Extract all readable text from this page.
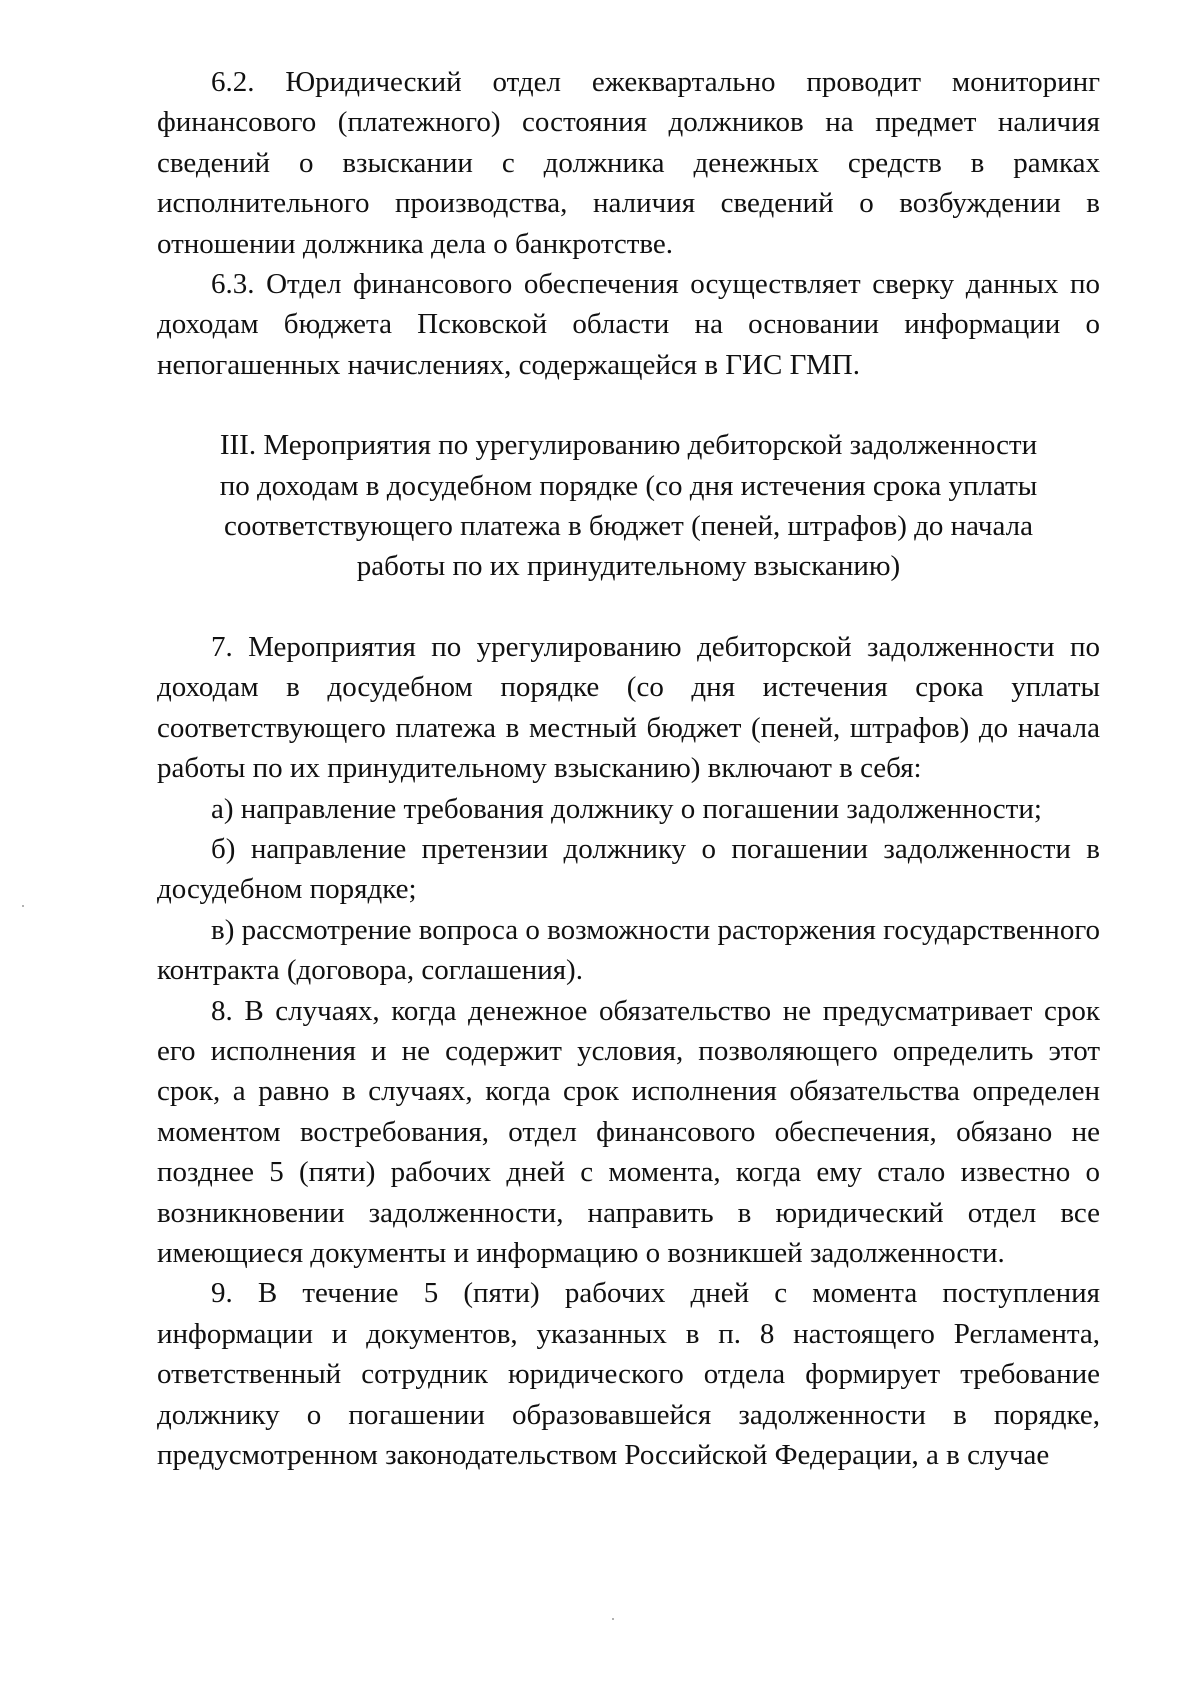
6.2. Юридический отдел ежеквартально проводит мониторинг финансового (платежного) состояния должников на предмет наличия сведений о взыскании с должника денежных средств в рамках исполнительного производства, наличия сведений о возбуждении в отношении должника дела о банкротстве.

6.3. Отдел финансового обеспечения осуществляет сверку данных по доходам бюджета Псковской области на основании информации о непогашенных начислениях, содержащейся в ГИС ГМП.

III. Мероприятия по урегулированию дебиторской задолженности
по доходам в досудебном порядке (со дня истечения срока уплаты
соответствующего платежа в бюджет (пеней, штрафов) до начала
работы по их принудительному взысканию)

7. Мероприятия по урегулированию дебиторской задолженности по доходам в досудебном порядке (со дня истечения срока уплаты соответствующего платежа в местный бюджет (пеней, штрафов) до начала работы по их принудительному взысканию) включают в себя:

а) направление требования должнику о погашении задолженности;

б) направление претензии должнику о погашении задолженности в досудебном порядке;

в) рассмотрение вопроса о возможности расторжения государственного контракта (договора, соглашения).

8. В случаях, когда денежное обязательство не предусматривает срок его исполнения и не содержит условия, позволяющего определить этот срок, а равно в случаях, когда срок исполнения обязательства определен моментом востребования, отдел финансового обеспечения, обязано не позднее 5 (пяти) рабочих дней с момента, когда ему стало известно о возникновении задолженности, направить в юридический отдел все имеющиеся документы и информацию о возникшей задолженности.

9. В течение 5 (пяти) рабочих дней с момента поступления информации и документов, указанных в п. 8 настоящего Регламента, ответственный сотрудник юридического отдела формирует требование должнику о погашении образовавшейся задолженности в порядке, предусмотренном законодательством Российской Федерации, а в случае
